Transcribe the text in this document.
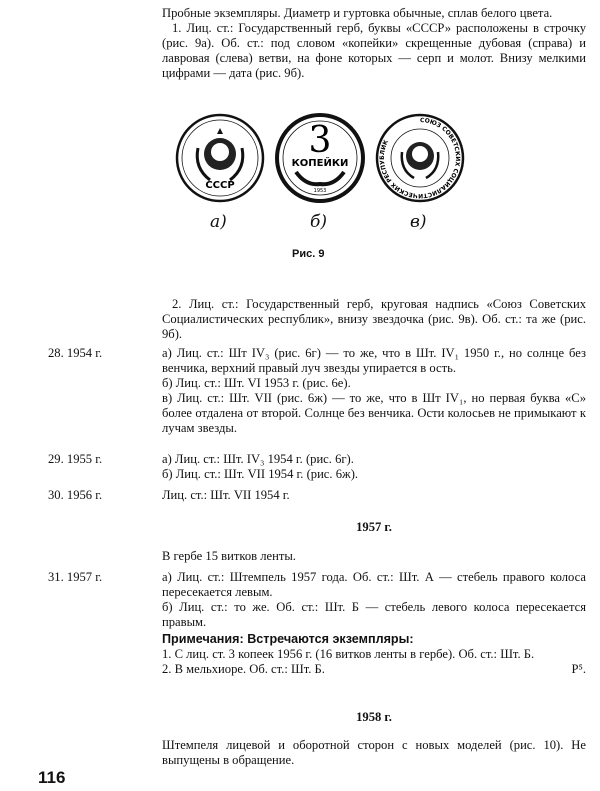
Пробные экземпляры. Диаметр и гуртовка обычные, сплав белого цвета.

1. Лиц. ст.: Государственный герб, буквы «СССР» расположены в строчку (рис. 9а). Об. ст.: под словом «копейки» скрещенные дубовая (справа) и лавровая (слева) ветви, на фоне которых — серп и молот. Внизу мелкими цифрами — дата (рис. 9б).

СССР
3
КОПЕЙКИ
1953
СОЮЗ СОВЕТСКИХ СОЦИАЛИСТИЧЕСКИХ РЕСПУБЛИК
а)	б)	в)
Рис. 9
2. Лиц. ст.: Государственный герб, круговая надпись «Союз Советских Социалистических республик», внизу звездочка (рис. 9в). Об. ст.: та же (рис. 9б).
28. 1954 г.	а) Лиц. ст.: Шт IV₃ (рис. 6г) — то же, что в Шт. IV₁ 1950 г., но солнце без венчика, верхний правый луч звезды упирается в ость.

б) Лиц. ст.: Шт. VI 1953 г. (рис. 6е).

в) Лиц. ст.: Шт. VII (рис. 6ж) — то же, что в Шт IV₁, но первая буква «С» более отдалена от второй. Солнце без венчика. Ости колосьев не примыкают к лучам звезды.

29. 1955 г.	а) Лиц. ст.: Шт. IV₃ 1954 г. (рис. 6г).

б) Лиц. ст.: Шт. VII 1954 г. (рис. 6ж).

30. 1956 г.	Лиц. ст.: Шт. VII 1954 г.
1957 г.
В гербе 15 витков ленты.
31. 1957 г.	а) Лиц. ст.: Штемпель 1957 года. Об. ст.: Шт. А — стебель правого колоса пересекается левым.

б) Лиц. ст.: то же. Об. ст.: Шт. Б — стебель левого колоса пересекается правым.

Примечания: Встречаются экземпляры:

1. С лиц. ст. 3 копеек 1956 г. (16 витков ленты в гербе). Об. ст.: Шт. Б.

2. В мельхиоре. Об. ст.: Шт. Б.	Р⁵.

1958 г.
Штемпеля лицевой и оборотной сторон с новых моделей (рис. 10). Не выпущены в обращение.
116
